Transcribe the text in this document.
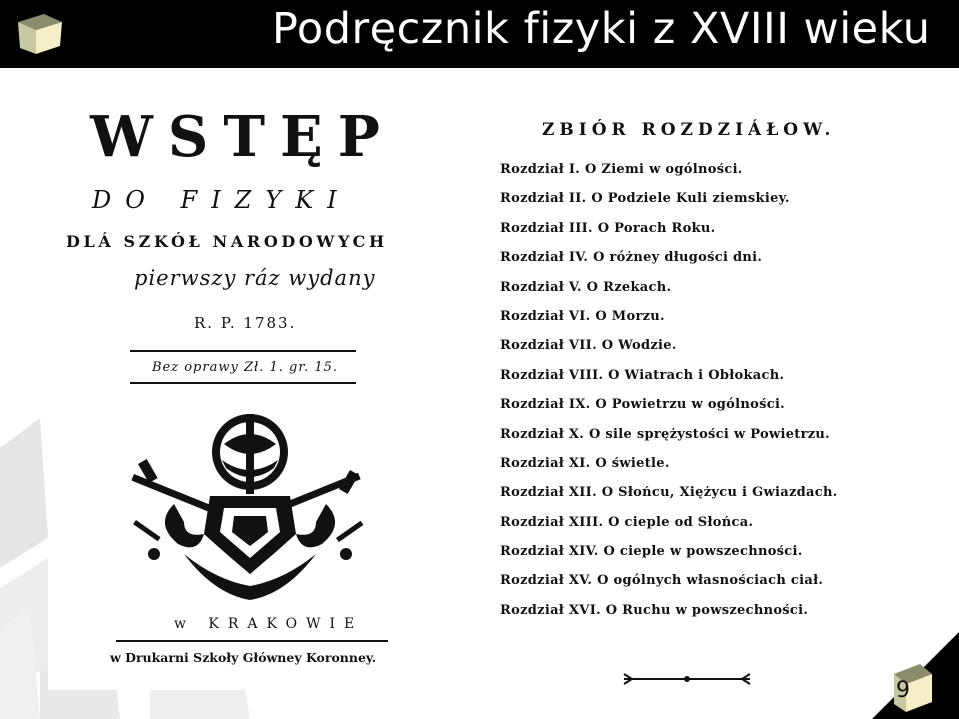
Podręcznik fizyki z XVIII wieku
WSTĘP
DO FIZYKI
DLÁ SZKÓŁ NARODOWYCH
pierwszy ráz wydany
R. P. 1783.
Bez oprawy Zł. 1. gr. 15.
w KRAKOWIE
w Drukarni Szkoły Główney Koronney.
ZBIÓR ROZDZIÁŁOW.
Rozdział I. O Ziemi w ogólności.
Rozdział II. O Podziele Kuli ziemskiey.
Rozdział III. O Porach Roku.
Rozdział IV. O różney długości dni.
Rozdział V. O Rzekach.
Rozdział VI. O Morzu.
Rozdział VII. O Wodzie.
Rozdział VIII. O Wiatrach i Obłokach.
Rozdział IX. O Powietrzu w ogólności.
Rozdział X. O sile sprężystości w Powietrzu.
Rozdział XI. O świetle.
Rozdział XII. O Słońcu, Xiężycu i Gwiazdach.
Rozdział XIII. O cieple od Słońca.
Rozdział XIV. O cieple w powszechności.
Rozdział XV. O ogólnych własnościach ciał.
Rozdział XVI. O Ruchu w powszechności.
9
